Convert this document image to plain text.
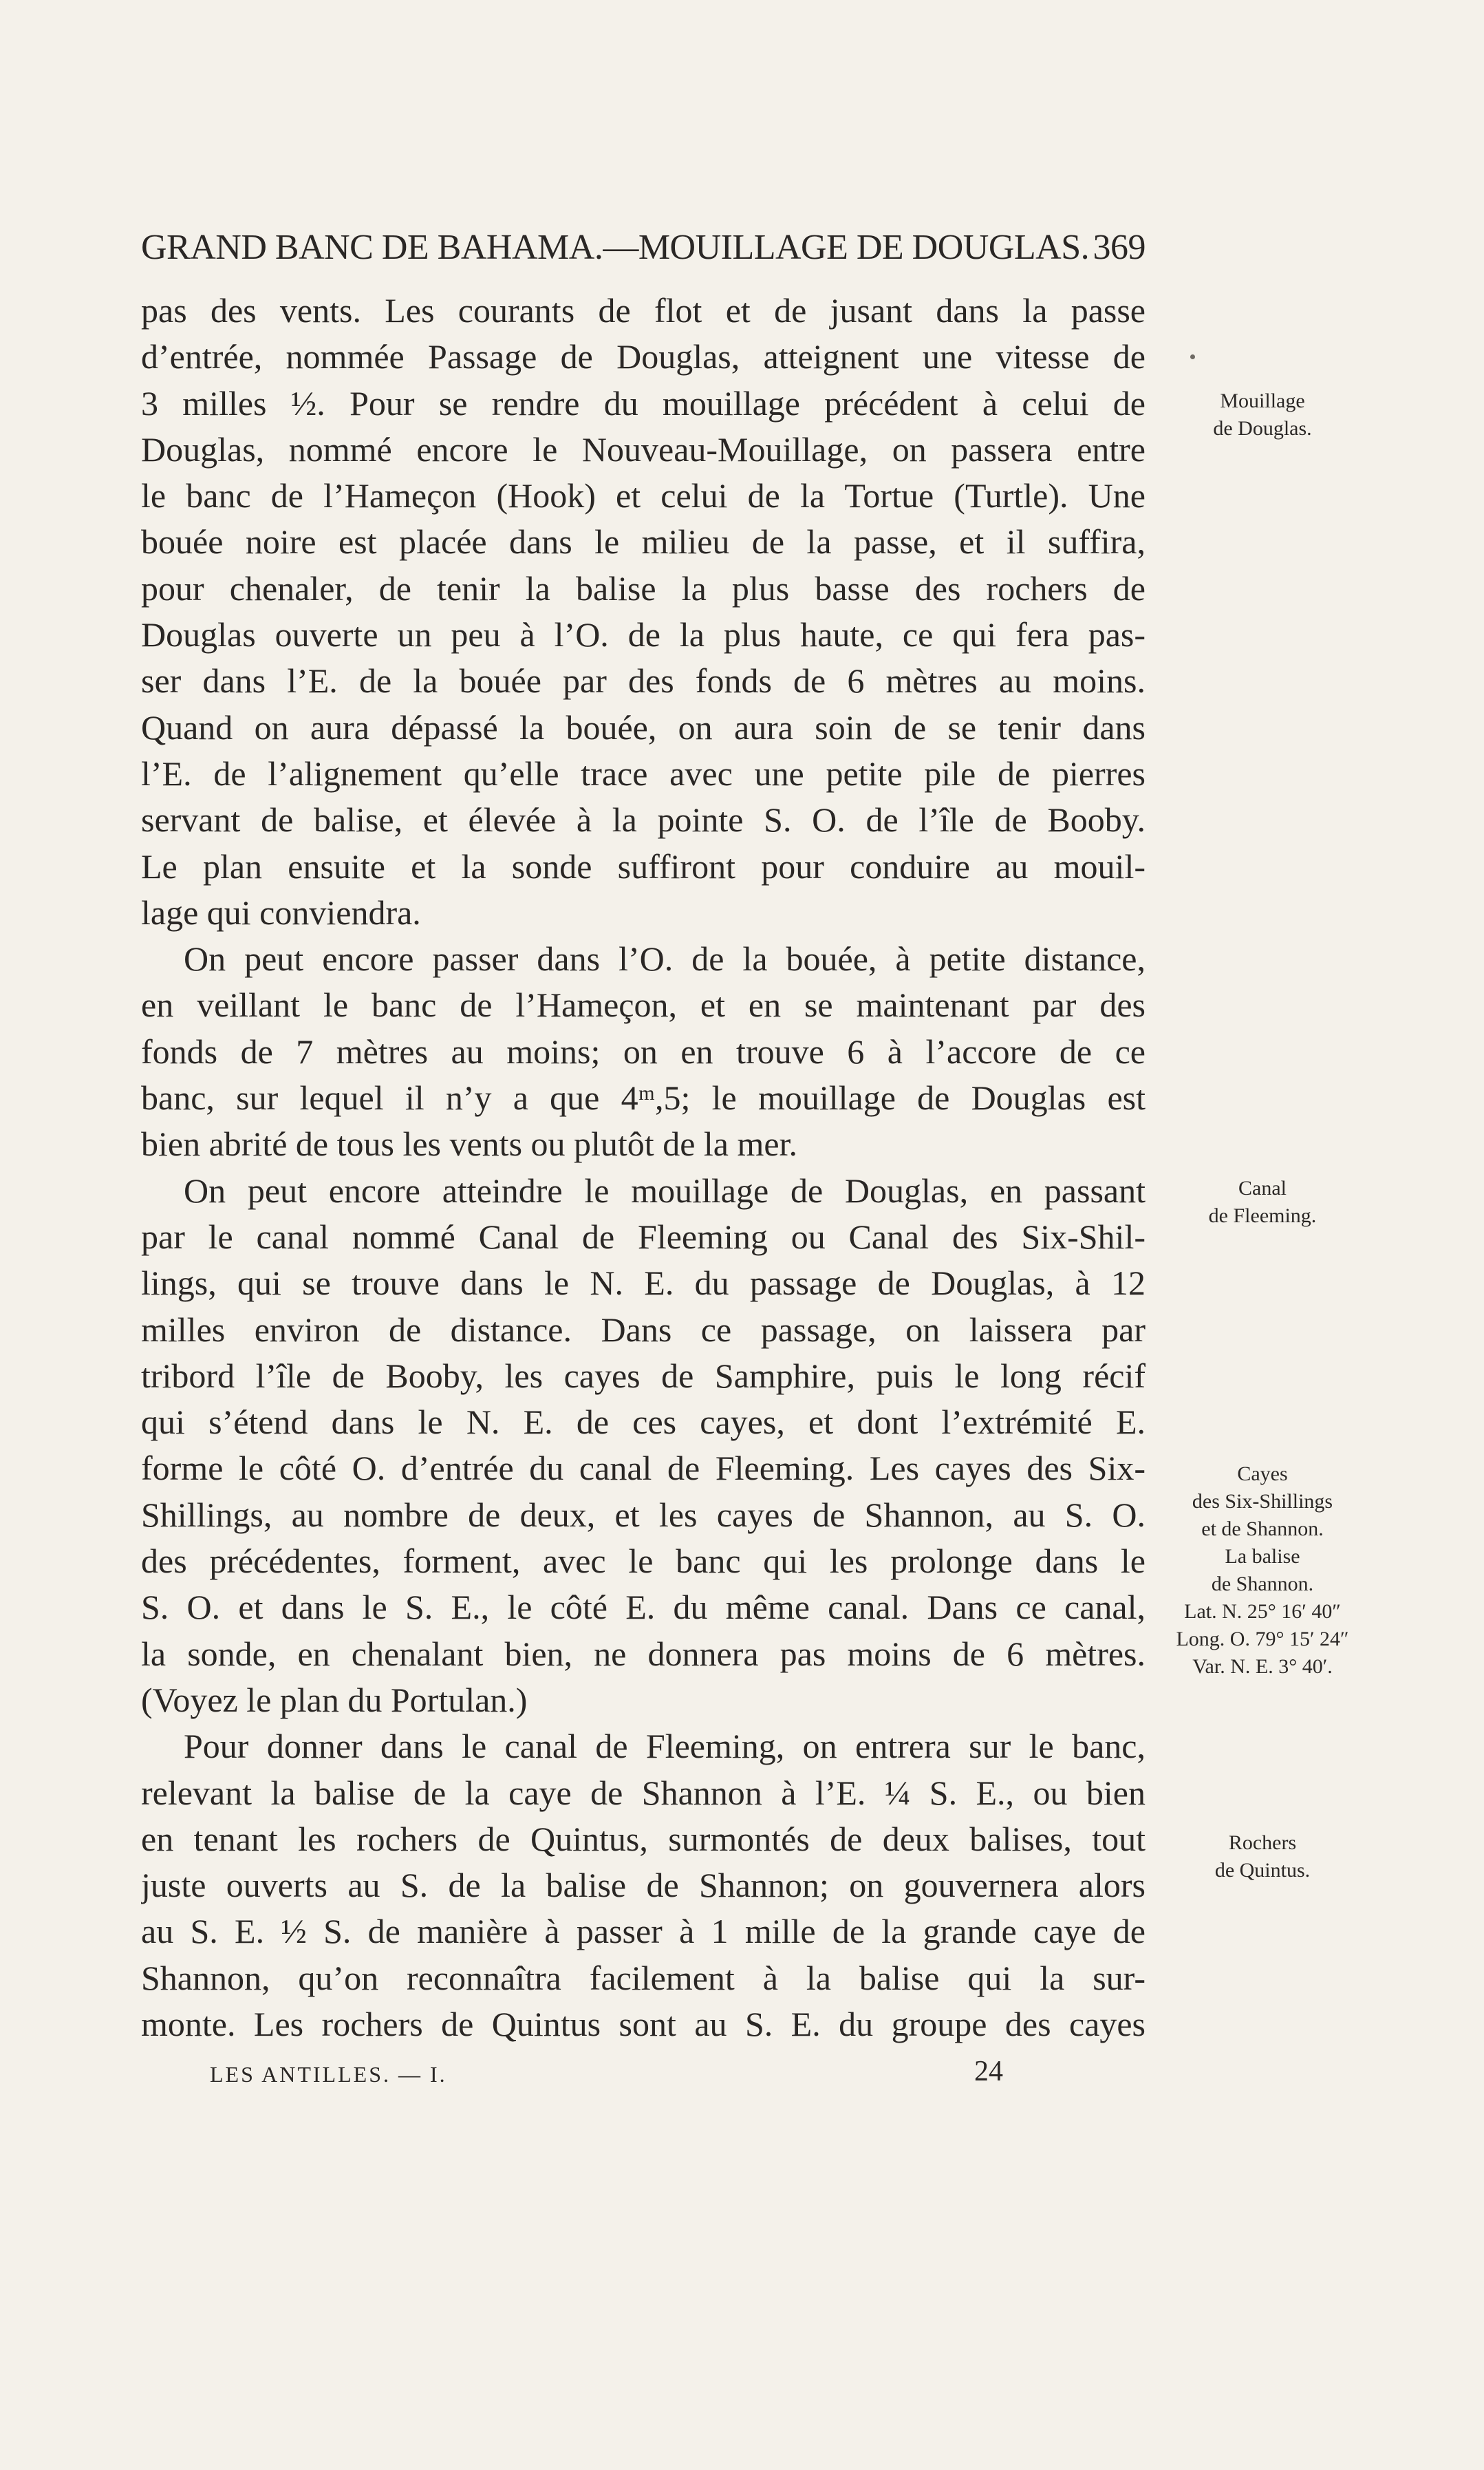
GRAND BANC DE BAHAMA.—MOUILLAGE DE DOUGLAS. 369
pas des vents. Les courants de flot et de jusant dans la passe
d’entrée, nommée Passage de Douglas, atteignent une vitesse de
3 milles ½. Pour se rendre du mouillage précédent à celui de
Douglas, nommé encore le Nouveau-Mouillage, on passera entre
le banc de l’Hameçon (Hook) et celui de la Tortue (Turtle). Une
bouée noire est placée dans le milieu de la passe, et il suffira,
pour chenaler, de tenir la balise la plus basse des rochers de
Douglas ouverte un peu à l’O. de la plus haute, ce qui fera pas-
ser dans l’E. de la bouée par des fonds de 6 mètres au moins.
Quand on aura dépassé la bouée, on aura soin de se tenir dans
l’E. de l’alignement qu’elle trace avec une petite pile de pierres
servant de balise, et élevée à la pointe S. O. de l’île de Booby.
Le plan ensuite et la sonde suffiront pour conduire au mouil-
lage qui conviendra.
On peut encore passer dans l’O. de la bouée, à petite distance,
en veillant le banc de l’Hameçon, et en se maintenant par des
fonds de 7 mètres au moins; on en trouve 6 à l’accore de ce
banc, sur lequel il n’y a que 4ᵐ,5; le mouillage de Douglas est
bien abrité de tous les vents ou plutôt de la mer.
On peut encore atteindre le mouillage de Douglas, en passant
par le canal nommé Canal de Fleeming ou Canal des Six-Shil-
lings, qui se trouve dans le N. E. du passage de Douglas, à 12
milles environ de distance. Dans ce passage, on laissera par
tribord l’île de Booby, les cayes de Samphire, puis le long récif
qui s’étend dans le N. E. de ces cayes, et dont l’extrémité E.
forme le côté O. d’entrée du canal de Fleeming. Les cayes des Six-
Shillings, au nombre de deux, et les cayes de Shannon, au S. O.
des précédentes, forment, avec le banc qui les prolonge dans le
S. O. et dans le S. E., le côté E. du même canal. Dans ce canal,
la sonde, en chenalant bien, ne donnera pas moins de 6 mètres.
(Voyez le plan du Portulan.)
Pour donner dans le canal de Fleeming, on entrera sur le banc,
relevant la balise de la caye de Shannon à l’E. ¼ S. E., ou bien
en tenant les rochers de Quintus, surmontés de deux balises, tout
juste ouverts au S. de la balise de Shannon; on gouvernera alors
au S. E. ½ S. de manière à passer à 1 mille de la grande caye de
Shannon, qu’on reconnaîtra facilement à la balise qui la sur-
monte. Les rochers de Quintus sont au S. E. du groupe des cayes
Mouillage
de Douglas.
Canal
de Fleeming.
Cayes
des Six-Shillings
et de Shannon.
La balise
de Shannon.
Lat. N. 25° 16′ 40″
Long. O. 79° 15′ 24″
Var. N. E. 3° 40′.
Rochers
de Quintus.
LES ANTILLES. — I.	24
